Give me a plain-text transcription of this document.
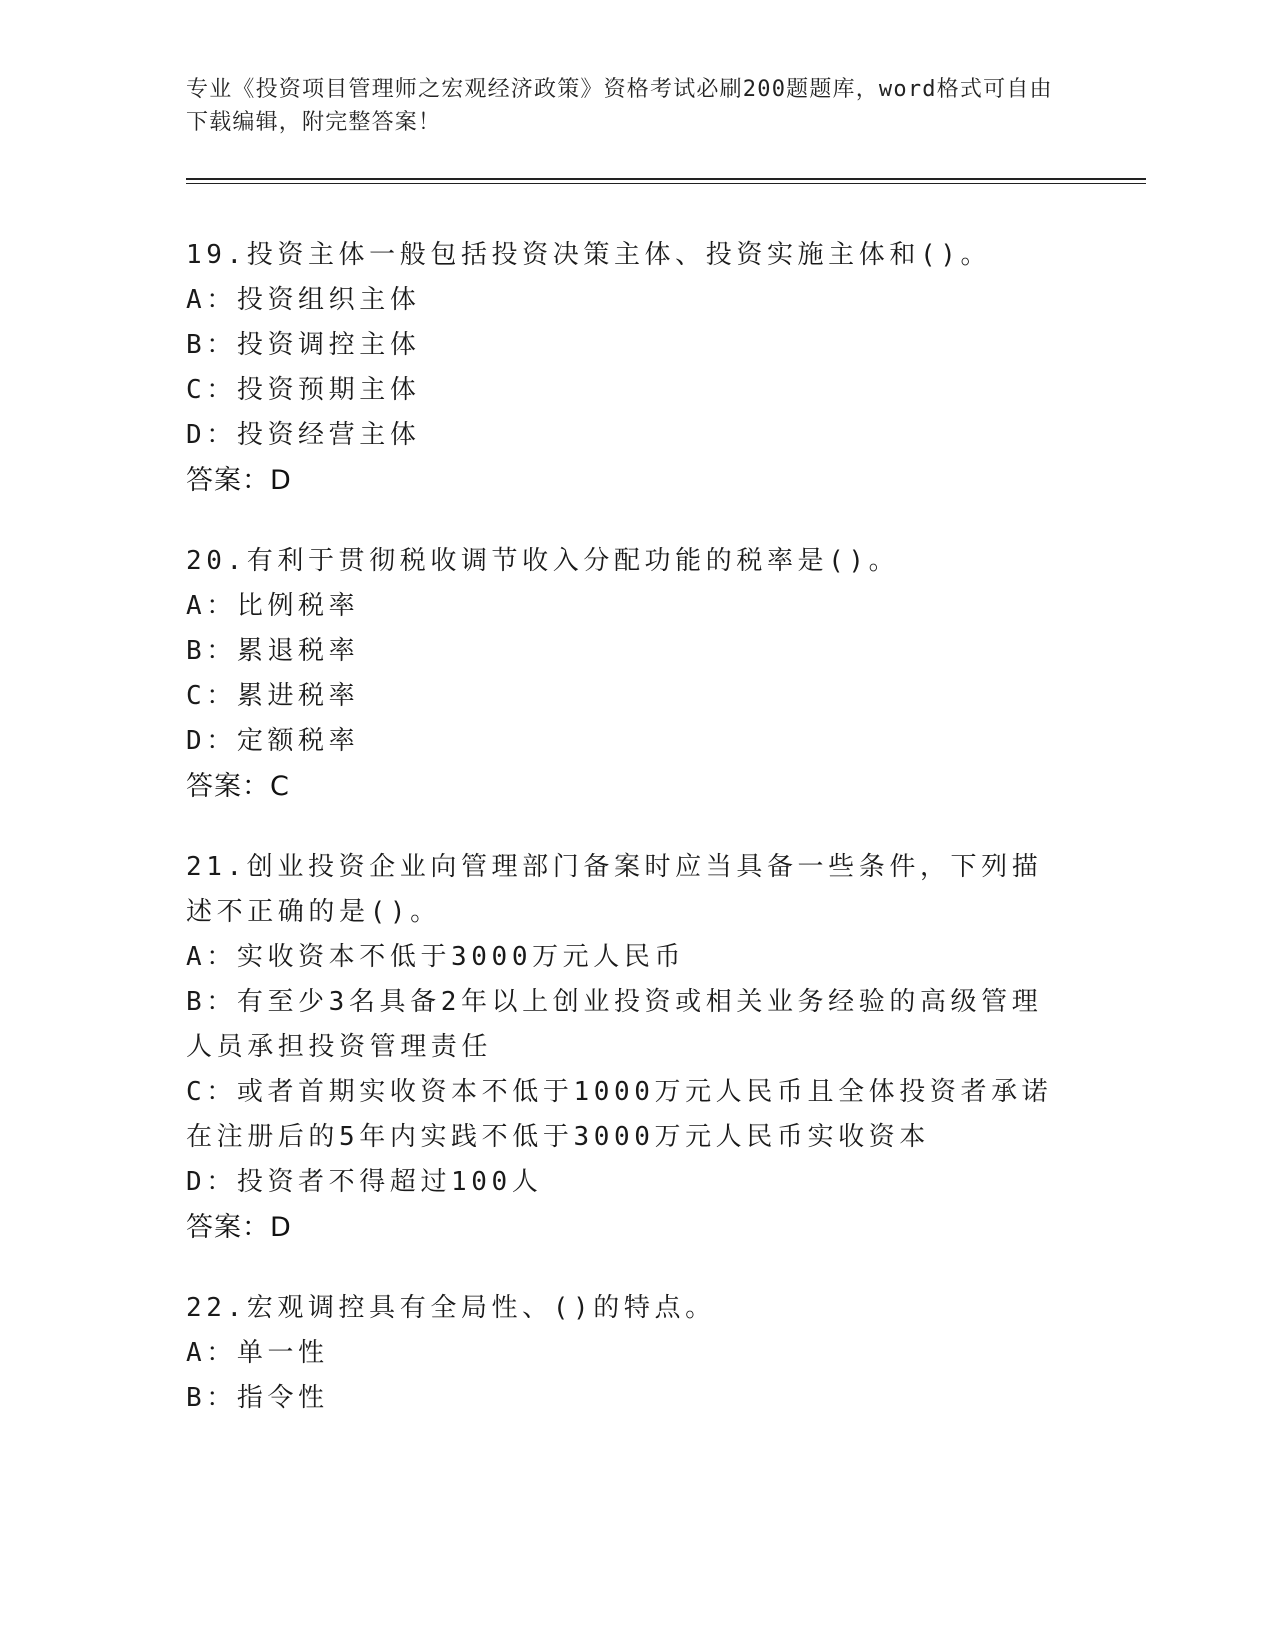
专业《投资项目管理师之宏观经济政策》资格考试必刷200题题库，word格式可自由下载编辑，附完整答案！
19.投资主体一般包括投资决策主体、投资实施主体和()。
A：投资组织主体
B：投资调控主体
C：投资预期主体
D：投资经营主体
答案：D
20.有利于贯彻税收调节收入分配功能的税率是()。
A：比例税率
B：累退税率
C：累进税率
D：定额税率
答案：C
21.创业投资企业向管理部门备案时应当具备一些条件，下列描述不正确的是()。
A：实收资本不低于3000万元人民币
B：有至少3名具备2年以上创业投资或相关业务经验的高级管理人员承担投资管理责任
C：或者首期实收资本不低于1000万元人民币且全体投资者承诺在注册后的5年内实践不低于3000万元人民币实收资本
D：投资者不得超过100人
答案：D
22.宏观调控具有全局性、()的特点。
A：单一性
B：指令性
